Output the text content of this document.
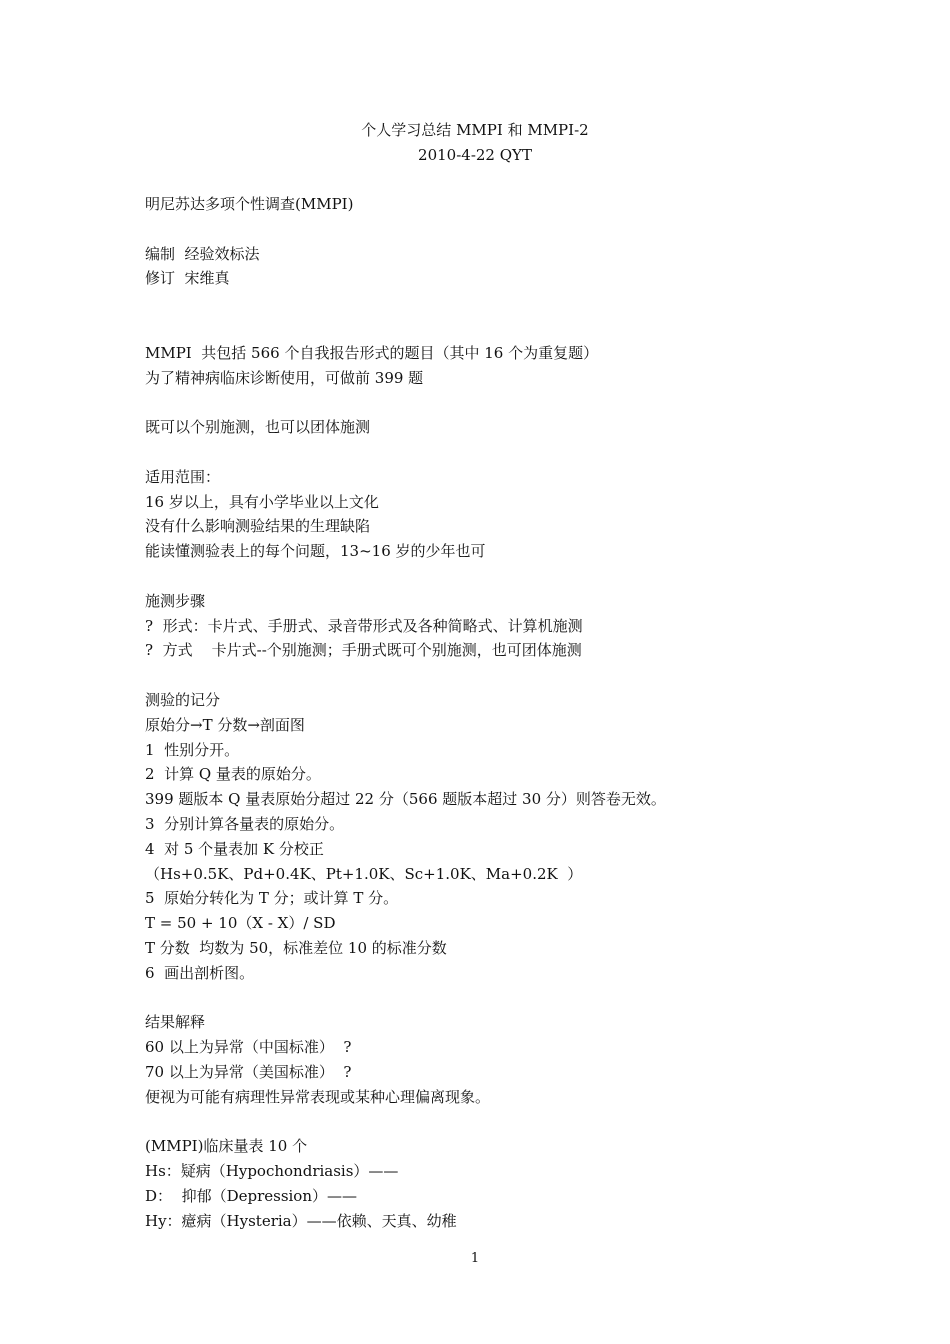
个人学习总结 MMPI 和 MMPI-2
2010-4-22 QYT
明尼苏达多项个性调查(MMPI)
编制  经验效标法
修订  宋维真
MMPI  共包括 566 个自我报告形式的题目（其中 16 个为重复题）
为了精神病临床诊断使用，可做前 399 题
既可以个别施测，也可以团体施测
适用范围：
16 岁以上，具有小学毕业以上文化
没有什么影响测验结果的生理缺陷
能读懂测验表上的每个问题，13~16 岁的少年也可
施测步骤
?  形式：卡片式、手册式、录音带形式及各种简略式、计算机施测
?  方式    卡片式--个别施测；手册式既可个别施测，也可团体施测
测验的记分
原始分→T 分数→剖面图
1  性别分开。
2  计算 Q 量表的原始分。
399 题版本 Q 量表原始分超过 22 分（566 题版本超过 30 分）则答卷无效。
3  分别计算各量表的原始分。
4  对 5 个量表加 K 分校正
（Hs+0.5K、Pd+0.4K、Pt+1.0K、Sc+1.0K、Ma+0.2K  ）
5  原始分转化为 T 分；或计算 T 分。
T = 50 + 10（X - X）/ SD
T 分数  均数为 50，标准差位 10 的标准分数
6  画出剖析图。
结果解释
60 以上为异常（中国标准）  ?
70 以上为异常（美国标准）  ?
便视为可能有病理性异常表现或某种心理偏离现象。
(MMPI)临床量表 10 个
Hs：疑病（Hypochondriasis）——
D：  抑郁（Depression）——
Hy：癔病（Hysteria）——依赖、天真、幼稚
1
